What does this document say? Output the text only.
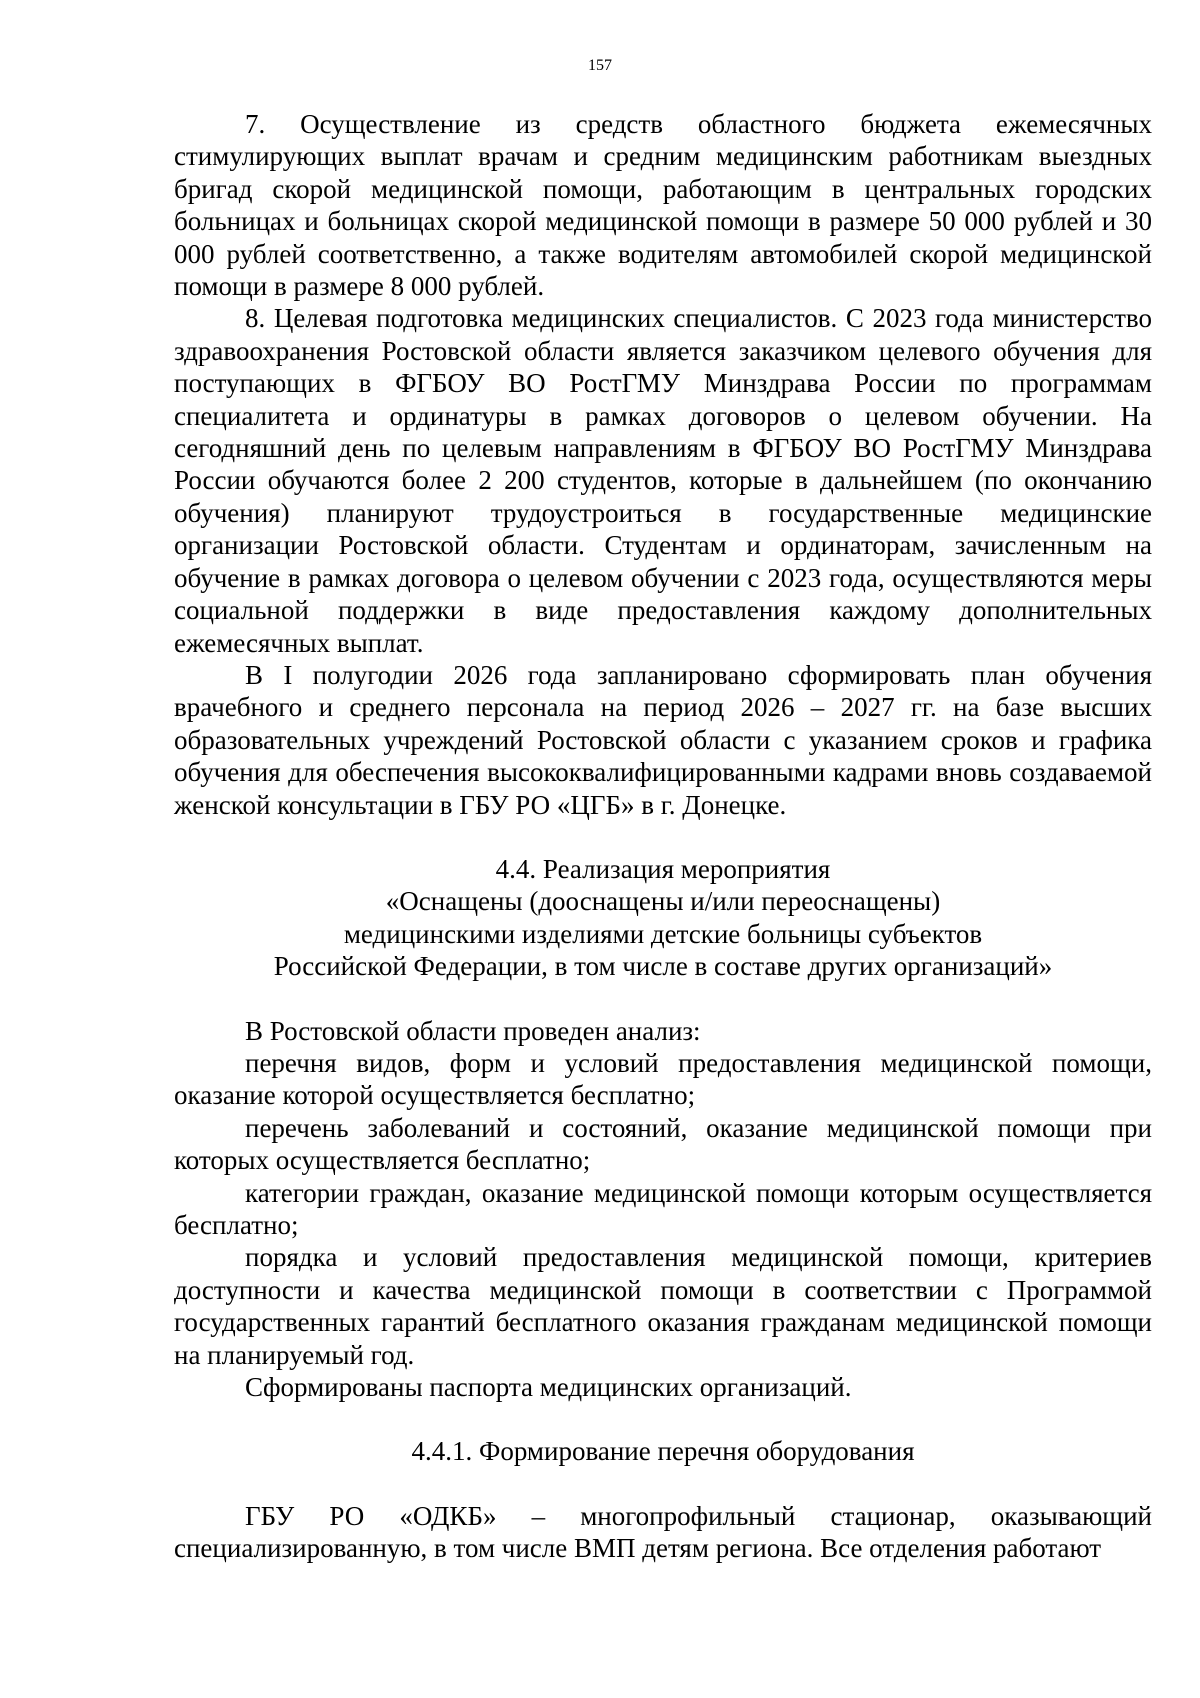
157

7. Осуществление из средств областного бюджета ежемесячных стимулирующих выплат врачам и средним медицинским работникам выездных бригад скорой медицинской помощи, работающим в центральных городских больницах и больницах скорой медицинской помощи в размере 50 000 рублей и 30 000 рублей соответственно, а также водителям автомобилей скорой медицинской помощи в размере 8 000 рублей.

8. Целевая подготовка медицинских специалистов. С 2023 года министерство здравоохранения Ростовской области является заказчиком целевого обучения для поступающих в ФГБОУ ВО РостГМУ Минздрава России по программам специалитета и ординатуры в рамках договоров о целевом обучении. На сегодняшний день по целевым направлениям в ФГБОУ ВО РостГМУ Минздрава России обучаются более 2 200 студентов, которые в дальнейшем (по окончанию обучения) планируют трудоустроиться в государственные медицинские организации Ростовской области. Студентам и ординаторам, зачисленным на обучение в рамках договора о целевом обучении с 2023 года, осуществляются меры социальной поддержки в виде предоставления каждому дополнительных ежемесячных выплат.

В I полугодии 2026 года запланировано сформировать план обучения врачебного и среднего персонала на период 2026 – 2027 гг. на базе высших образовательных учреждений Ростовской области с указанием сроков и графика обучения для обеспечения высококвалифицированными кадрами вновь создаваемой женской консультации в ГБУ РО «ЦГБ» в г. Донецке.

4.4. Реализация мероприятия
«Оснащены (дооснащены и/или переоснащены)
медицинскими изделиями детские больницы субъектов
Российской Федерации, в том числе в составе других организаций»

В Ростовской области проведен анализ:

перечня видов, форм и условий предоставления медицинской помощи, оказание которой осуществляется бесплатно;

перечень заболеваний и состояний, оказание медицинской помощи при которых осуществляется бесплатно;

категории граждан, оказание медицинской помощи которым осуществляется бесплатно;

порядка и условий предоставления медицинской помощи, критериев доступности и качества медицинской помощи в соответствии с Программой государственных гарантий бесплатного оказания гражданам медицинской помощи на планируемый год.

Сформированы паспорта медицинских организаций.

4.4.1. Формирование перечня оборудования

ГБУ РО «ОДКБ» – многопрофильный стационар, оказывающий специализированную, в том числе ВМП детям региона. Все отделения работают
